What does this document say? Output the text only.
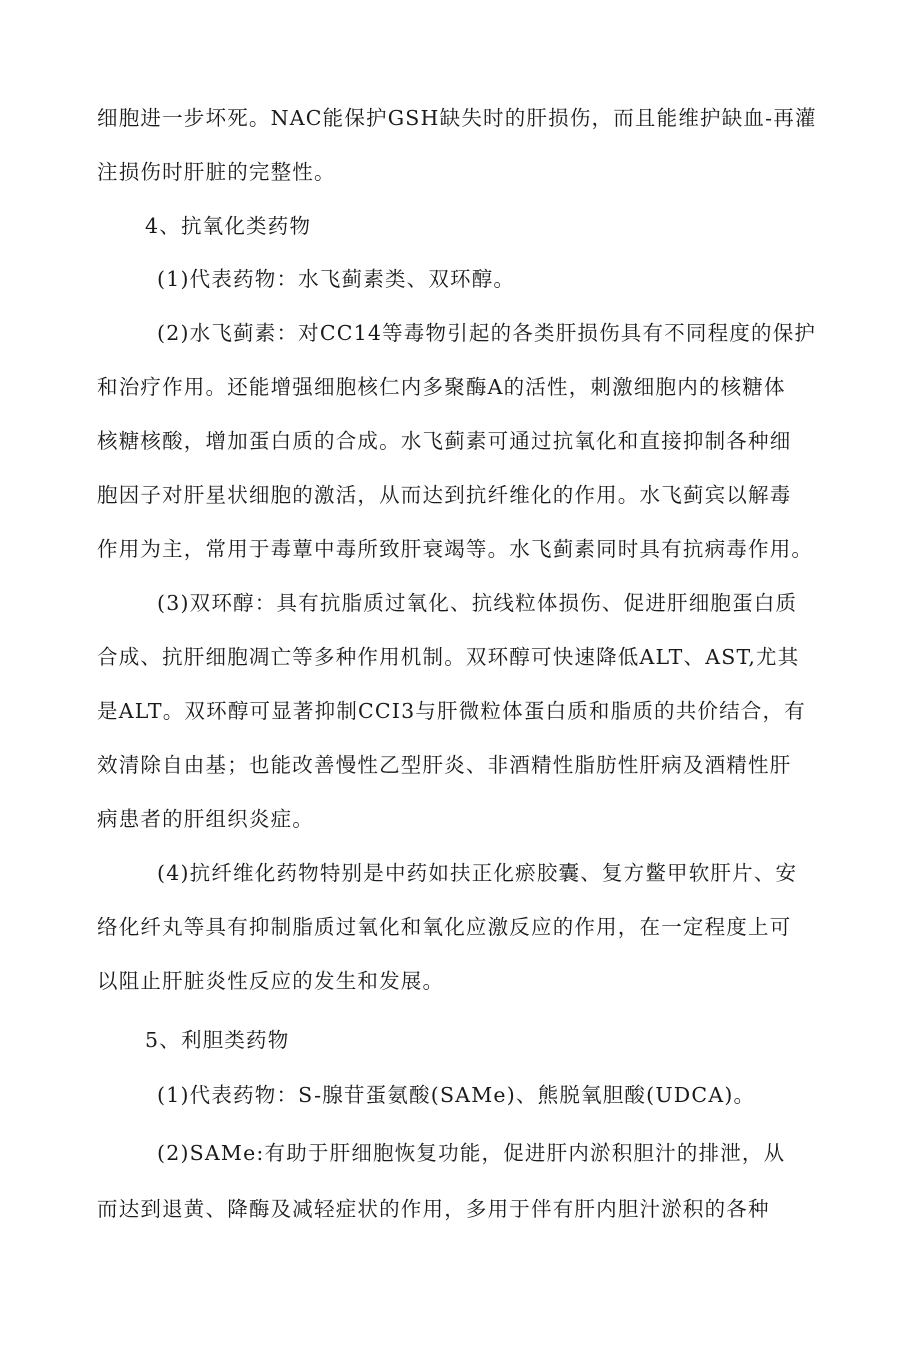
细胞进一步坏死。NAC能保护GSH缺失时的肝损伤，而且能维护缺血-再灌
注损伤时肝脏的完整性。
4、抗氧化类药物
(1)代表药物：水飞蓟素类、双环醇。
(2)水飞蓟素：对CC14等毒物引起的各类肝损伤具有不同程度的保护
和治疗作用。还能增强细胞核仁内多聚酶A的活性，刺激细胞内的核糖体
核糖核酸，增加蛋白质的合成。水飞蓟素可通过抗氧化和直接抑制各种细
胞因子对肝星状细胞的激活，从而达到抗纤维化的作用。水飞蓟宾以解毒
作用为主，常用于毒蕈中毒所致肝衰竭等。水飞蓟素同时具有抗病毒作用。
(3)双环醇：具有抗脂质过氧化、抗线粒体损伤、促进肝细胞蛋白质
合成、抗肝细胞凋亡等多种作用机制。双环醇可快速降低ALT、AST,尤其
是ALT。双环醇可显著抑制CCI3与肝微粒体蛋白质和脂质的共价结合，有
效清除自由基；也能改善慢性乙型肝炎、非酒精性脂肪性肝病及酒精性肝
病患者的肝组织炎症。
(4)抗纤维化药物特别是中药如扶正化瘀胶囊、复方鳖甲软肝片、安
络化纤丸等具有抑制脂质过氧化和氧化应激反应的作用，在一定程度上可
以阻止肝脏炎性反应的发生和发展。
5、利胆类药物
(1)代表药物：S-腺苷蛋氨酸(SAMe)、熊脱氧胆酸(UDCA)。
(2)SAMe:有助于肝细胞恢复功能，促进肝内淤积胆汁的排泄，从
而达到退黄、降酶及减轻症状的作用，多用于伴有肝内胆汁淤积的各种
